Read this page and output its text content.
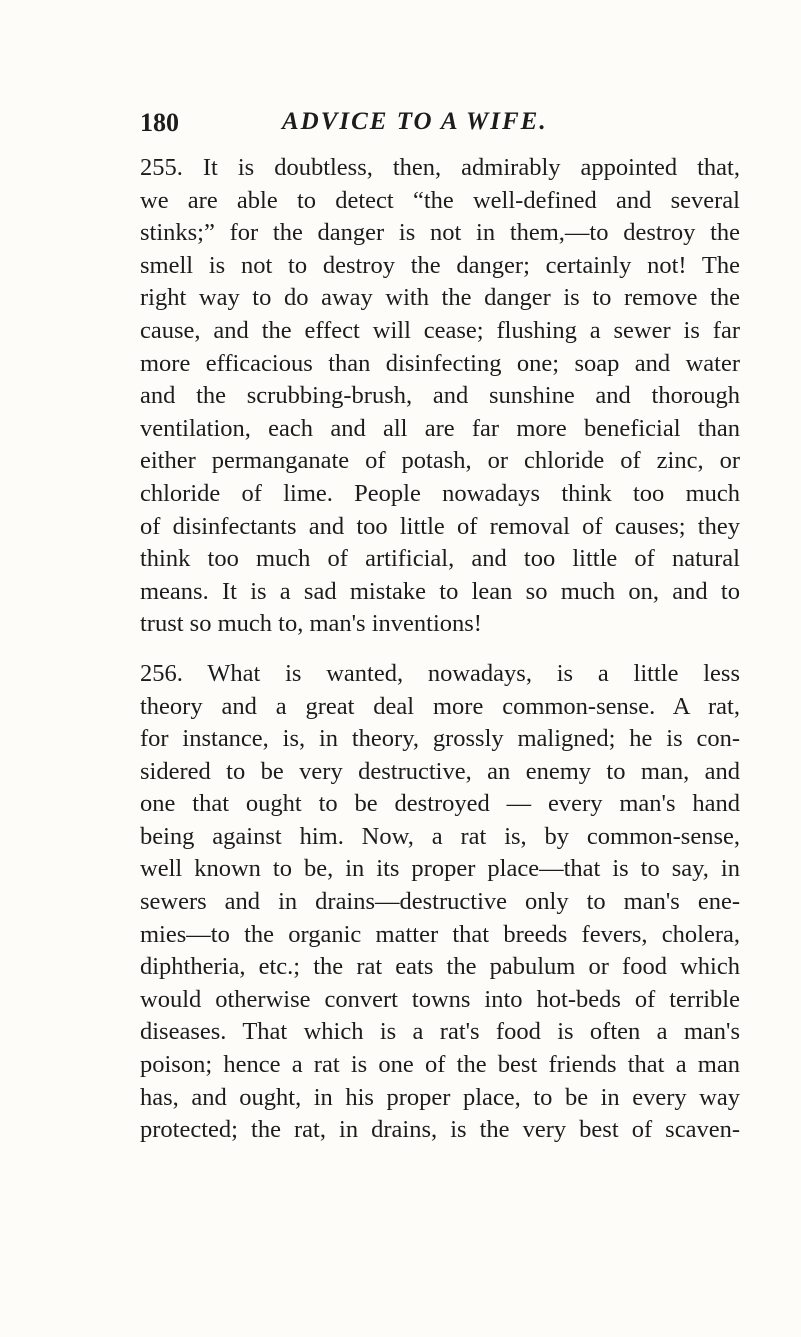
180	ADVICE TO A WIFE.
255. It is doubtless, then, admirably appointed that,
we are able to detect “the well-defined and several
stinks;” for the danger is not in them,—to destroy the
smell is not to destroy the danger; certainly not! The
right way to do away with the danger is to remove the
cause, and the effect will cease; flushing a sewer is far
more efficacious than disinfecting one; soap and water
and the scrubbing-brush, and sunshine and thorough
ventilation, each and all are far more beneficial than
either permanganate of potash, or chloride of zinc, or
chloride of lime. People nowadays think too much
of disinfectants and too little of removal of causes; they
think too much of artificial, and too little of natural
means. It is a sad mistake to lean so much on, and to
trust so much to, man's inventions!
256. What is wanted, nowadays, is a little less
theory and a great deal more common-sense. A rat,
for instance, is, in theory, grossly maligned; he is con-
sidered to be very destructive, an enemy to man, and
one that ought to be destroyed — every man's hand
being against him. Now, a rat is, by common-sense,
well known to be, in its proper place—that is to say, in
sewers and in drains—destructive only to man's ene-
mies—to the organic matter that breeds fevers, cholera,
diphtheria, etc.; the rat eats the pabulum or food which
would otherwise convert towns into hot-beds of terrible
diseases. That which is a rat's food is often a man's
poison; hence a rat is one of the best friends that a man
has, and ought, in his proper place, to be in every way
protected; the rat, in drains, is the very best of scaven-
